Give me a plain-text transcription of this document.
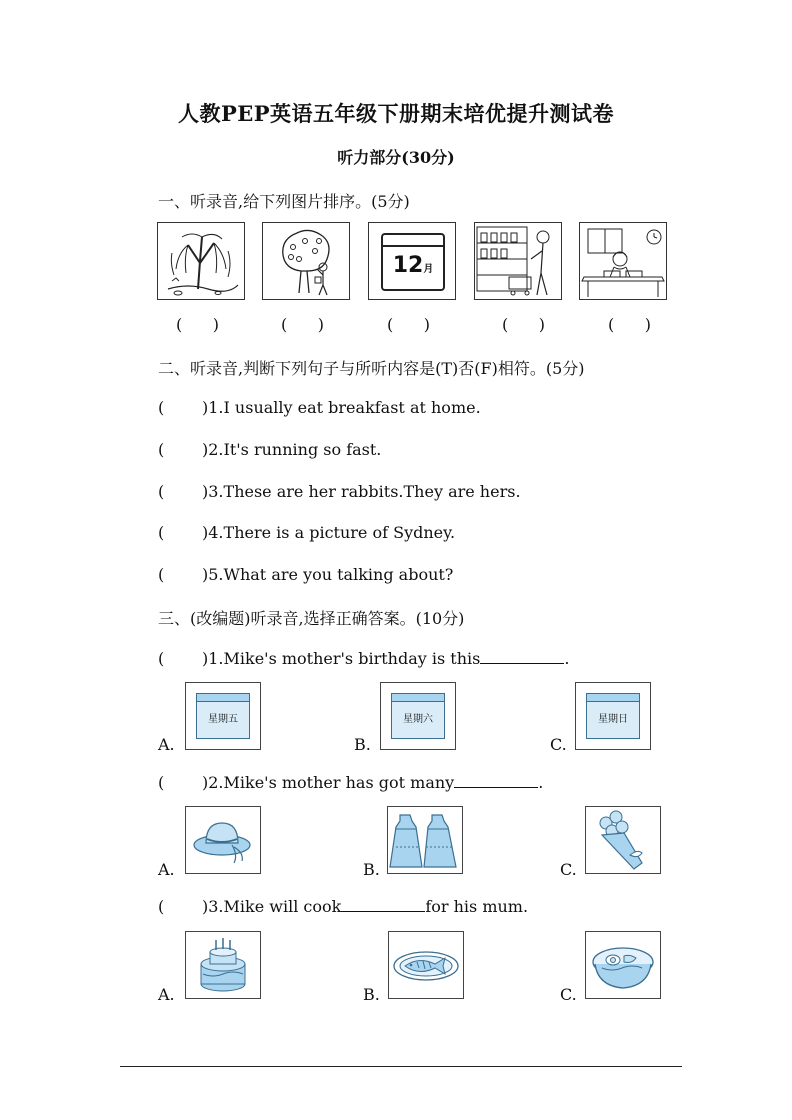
人教PEP英语五年级下册期末培优提升测试卷
听力部分(30分)
一、听录音,给下列图片排序。(5分)
12月
(      )	(      )	(      )	(      )	(      )
二、听录音,判断下列句子与所听内容是(T)否(F)相符。(5分)
( )1.I usually eat breakfast at home.
( )2.It's running so fast.
( )3.These are her rabbits.They are hers.
( )4.There is a picture of Sydney.
( )5.What are you talking about?
三、(改编题)听录音,选择正确答案。(10分)
( )1.Mike's mother's birthday is this	.
A.
星期五
B.
星期六
C.
星期日
( )2.Mike's mother has got many	.
A.	B.	C.
( )3.Mike will cook	for his mum.
A.	B.	C.
